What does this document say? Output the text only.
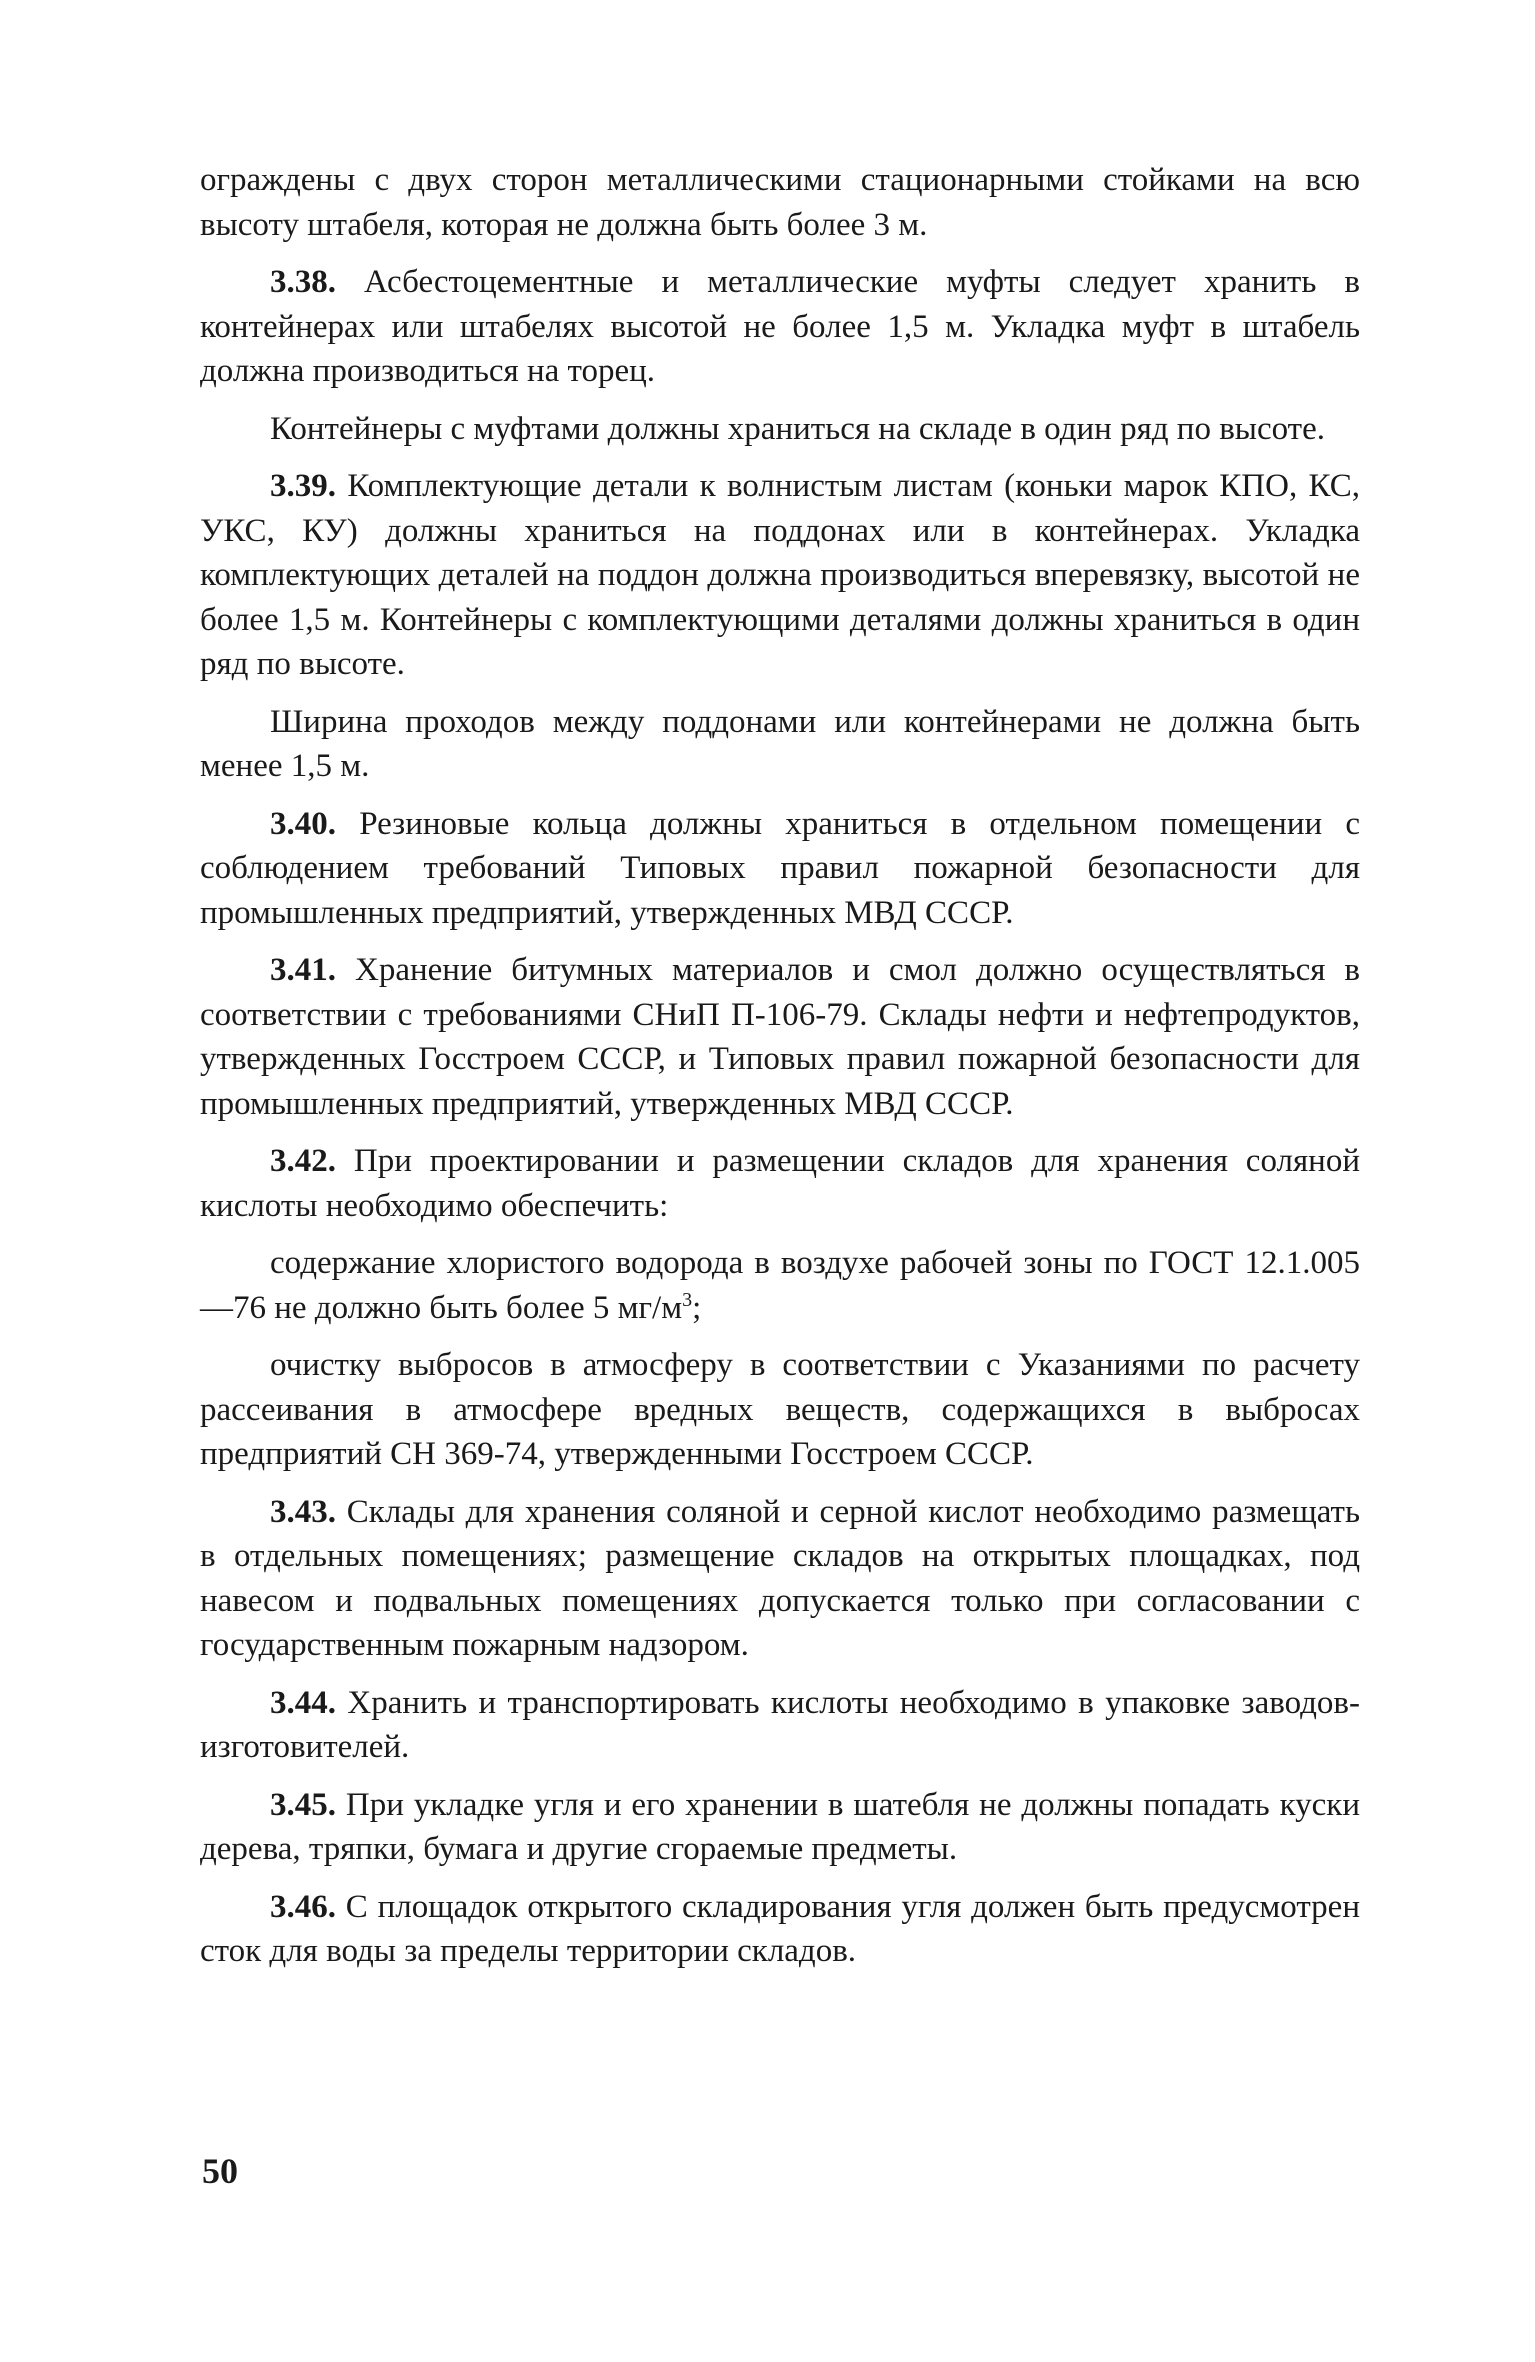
ограждены с двух сторон металлическими стационарными стойками на всю высоту штабеля, которая не должна быть более 3 м.

3.38. Асбестоцементные и металлические муфты следует хранить в контейнерах или штабелях высотой не более 1,5 м. Укладка муфт в штабель должна производиться на торец.

Контейнеры с муфтами должны храниться на складе в один ряд по высоте.

3.39. Комплектующие детали к волнистым листам (коньки марок КПО, КС, УКС, КУ) должны храниться на поддонах или в контейнерах. Укладка комплектующих деталей на поддон должна производиться вперевязку, высотой не более 1,5 м. Контейнеры с комплектующими деталями должны храниться в один ряд по высоте.

Ширина проходов между поддонами или контейнерами не должна быть менее 1,5 м.

3.40. Резиновые кольца должны храниться в отдельном помещении с соблюдением требований Типовых правил пожарной безопасности для промышленных предприятий, утвержденных МВД СССР.

3.41. Хранение битумных материалов и смол должно осуществляться в соответствии с требованиями СНиП П-106-79. Склады нефти и нефтепродуктов, утвержденных Госстроем СССР, и Типовых правил пожарной безопасности для промышленных предприятий, утвержденных МВД СССР.

3.42. При проектировании и размещении складов для хранения соляной кислоты необходимо обеспечить:

содержание хлористого водорода в воздухе рабочей зоны по ГОСТ 12.1.005—76 не должно быть более 5 $мг/м^3$;

очистку выбросов в атмосферу в соответствии с Указаниями по расчету рассеивания в атмосфере вредных веществ, содержащихся в выбросах предприятий СН 369-74, утвержденными Госстроем СССР.

3.43. Склады для хранения соляной и серной кислот необходимо размещать в отдельных помещениях; размещение складов на открытых площадках, под навесом и подвальных помещениях допускается только при согласовании с государственным пожарным надзором.

3.44. Хранить и транспортировать кислоты необходимо в упаковке заводов-изготовителей.

3.45. При укладке угля и его хранении в шатебля не должны попадать куски дерева, тряпки, бумага и другие сгораемые предметы.

3.46. С площадок открытого складирования угля должен быть предусмотрен сток для воды за пределы территории складов.

50
